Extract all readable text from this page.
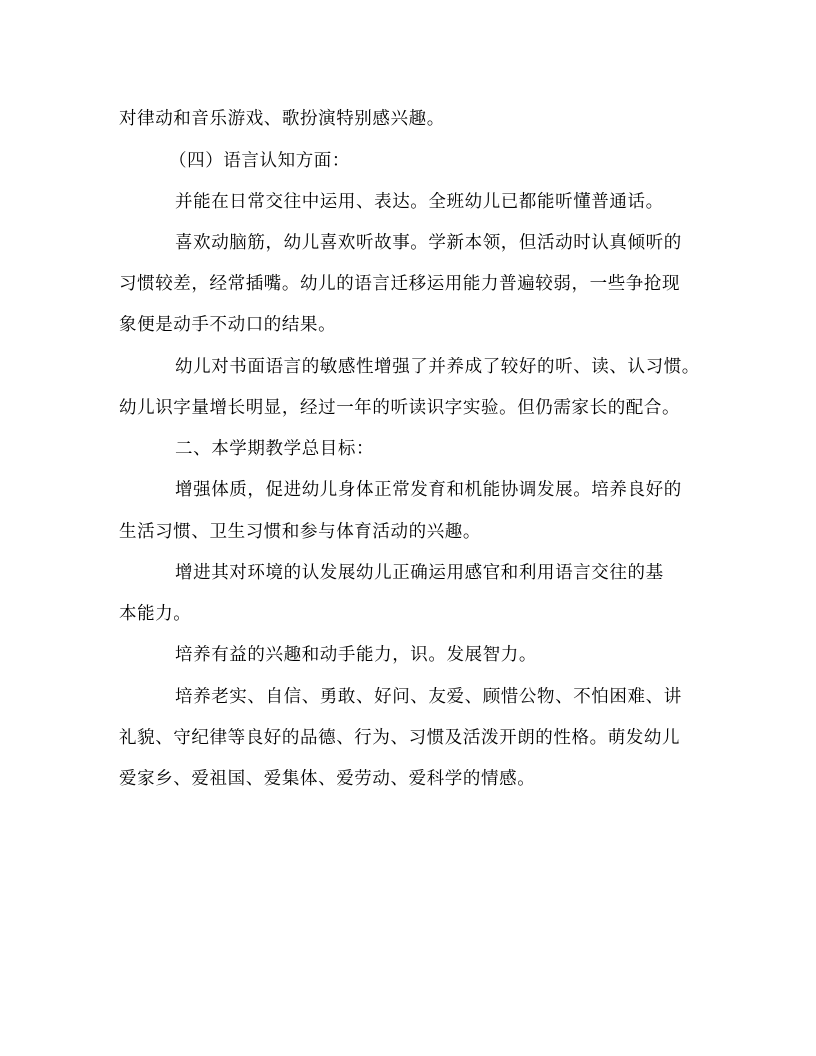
对律动和音乐游戏、歌扮演特别感兴趣。
（四）语言认知方面：
并能在日常交往中运用、表达。全班幼儿已都能听懂普通话。
喜欢动脑筋，幼儿喜欢听故事。学新本领，但活动时认真倾听的
习惯较差，经常插嘴。幼儿的语言迁移运用能力普遍较弱，一些争抢现
象便是动手不动口的结果。
幼儿对书面语言的敏感性增强了并养成了较好的听、读、认习惯。
幼儿识字量增长明显，经过一年的听读识字实验。但仍需家长的配合。
二、本学期教学总目标：
增强体质，促进幼儿身体正常发育和机能协调发展。培养良好的
生活习惯、卫生习惯和参与体育活动的兴趣。
增进其对环境的认发展幼儿正确运用感官和利用语言交往的基
本能力。
培养有益的兴趣和动手能力，识。发展智力。
培养老实、自信、勇敢、好问、友爱、顾惜公物、不怕困难、讲
礼貌、守纪律等良好的品德、行为、习惯及活泼开朗的性格。萌发幼儿
爱家乡、爱祖国、爱集体、爱劳动、爱科学的情感。
